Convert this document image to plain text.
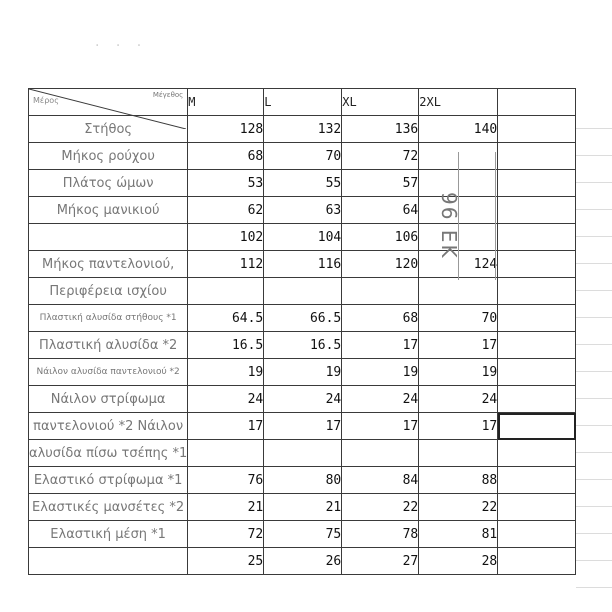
· · ·
Μέγεθος
Μέρος	M	L	XL	2XL	
Στήθος	128	132	136	140	
Μήκος ρούχου	68	70	72		
Πλάτος ώμων	53	55	57		
Μήκος μανικιού	62	63	64		
	102	104	106		
Μήκος παντελονιού,	112	116	120	124	
Περιφέρεια ισχίου					
Πλαστική αλυσίδα στήθους *1	64.5	66.5	68	70	
Πλαστική αλυσίδα *2	16.5	16.5	17	17	
Νάιλον αλυσίδα παντελονιού *2	19	19	19	19	
Νάιλον στρίφωμα	24	24	24	24	
παντελονιού *2 Νάιλον	17	17	17	17	
αλυσίδα πίσω τσέπης *1					
Ελαστικό στρίφωμα *1	76	80	84	88	
Ελαστικές μανσέτες *2	21	21	22	22	
Ελαστική μέση *1	72	75	78	81	
	25	26	27	28	
96 ΕΚ
